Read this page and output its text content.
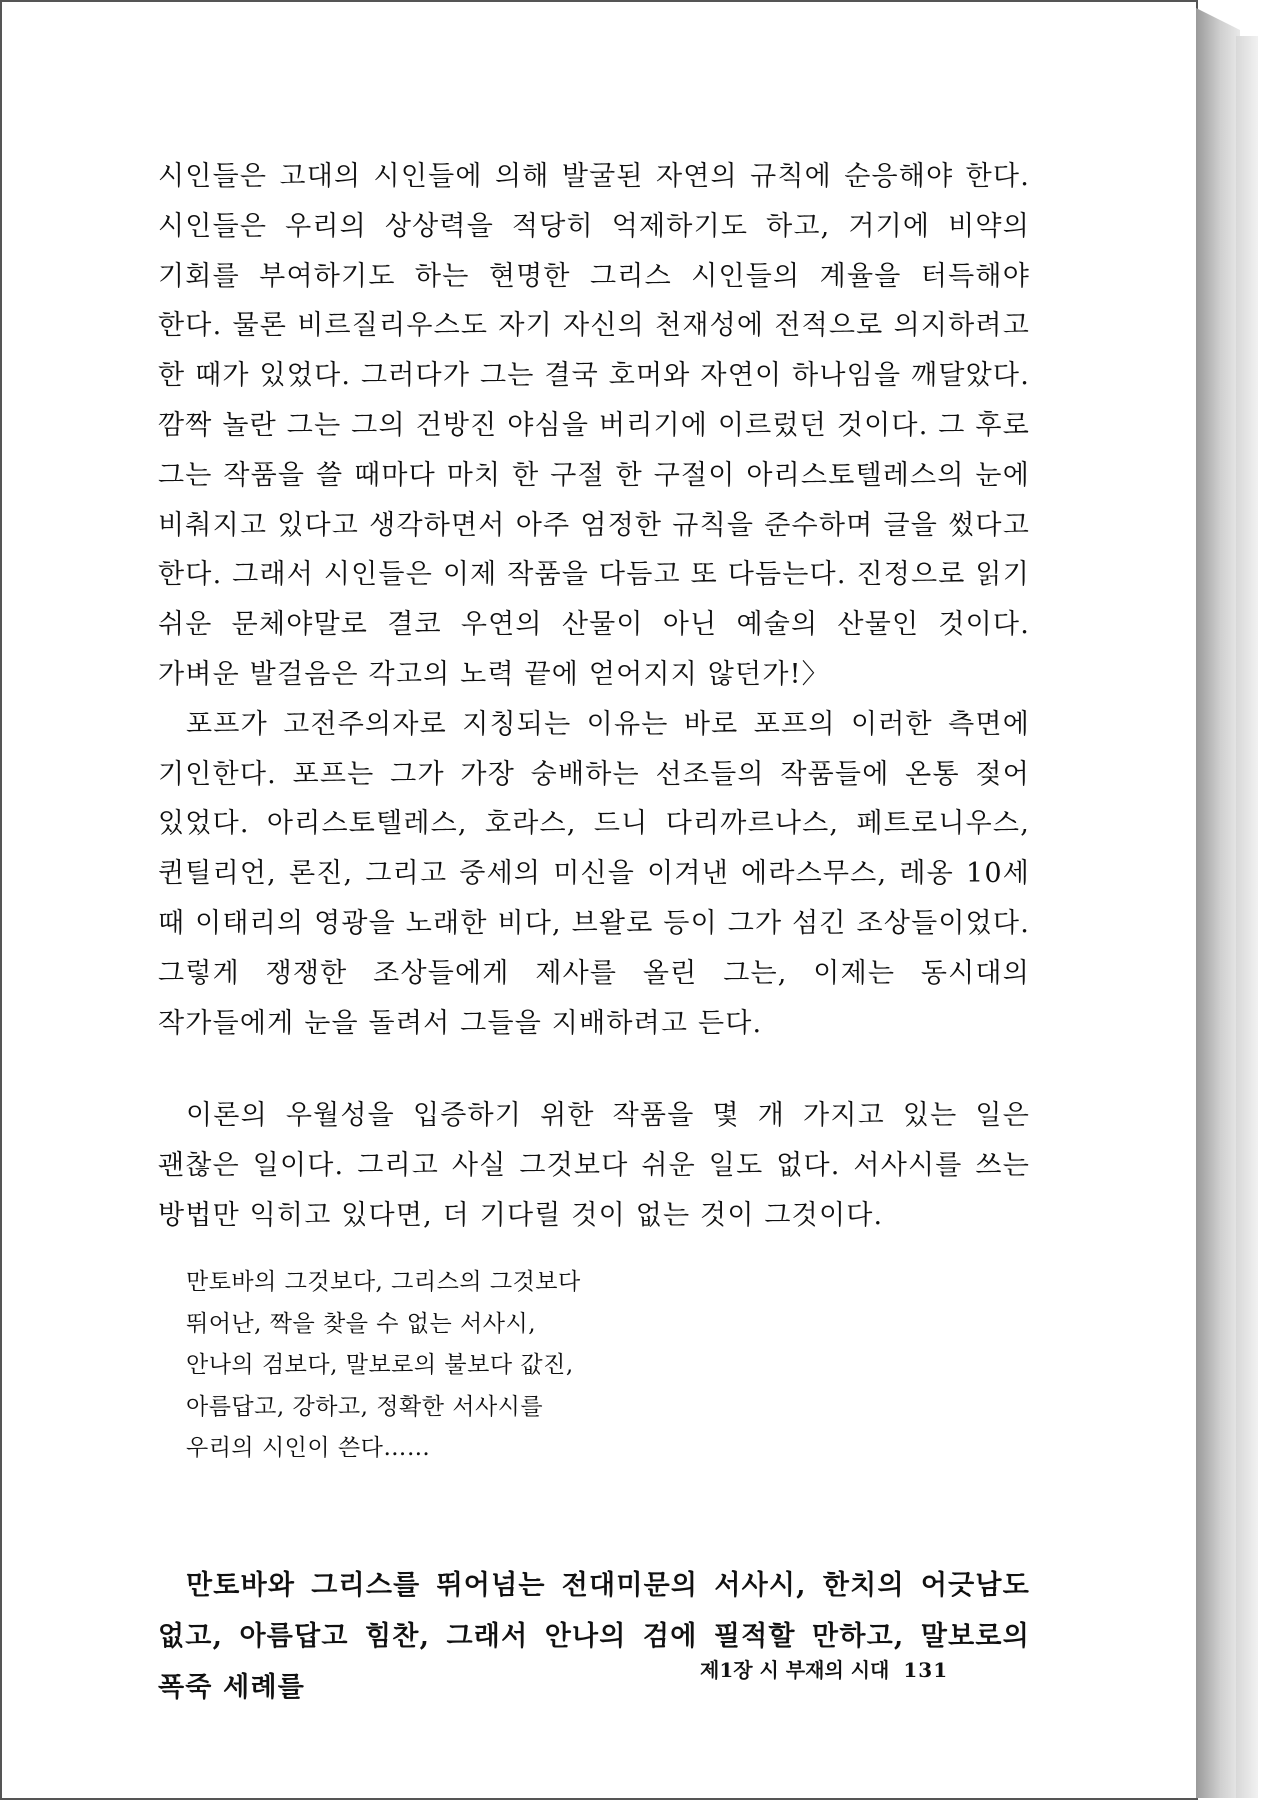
시인들은 고대의 시인들에 의해 발굴된 자연의 규칙에 순응해야 한다. 시인들은 우리의 상상력을 적당히 억제하기도 하고, 거기에 비약의 기회를 부여하기도 하는 현명한 그리스 시인들의 계율을 터득해야 한다. 물론 비르질리우스도 자기 자신의 천재성에 전적으로 의지하려고 한 때가 있었다. 그러다가 그는 결국 호머와 자연이 하나임을 깨달았다. 깜짝 놀란 그는 그의 건방진 야심을 버리기에 이르렀던 것이다. 그 후로 그는 작품을 쓸 때마다 마치 한 구절 한 구절이 아리스토텔레스의 눈에 비춰지고 있다고 생각하면서 아주 엄정한 규칙을 준수하며 글을 썼다고 한다. 그래서 시인들은 이제 작품을 다듬고 또 다듬는다. 진정으로 읽기 쉬운 문체야말로 결코 우연의 산물이 아닌 예술의 산물인 것이다. 가벼운 발걸음은 각고의 노력 끝에 얻어지지 않던가!〉

포프가 고전주의자로 지칭되는 이유는 바로 포프의 이러한 측면에 기인한다. 포프는 그가 가장 숭배하는 선조들의 작품들에 온통 젖어 있었다. 아리스토텔레스, 호라스, 드니 다리까르나스, 페트로니우스, 퀸틸리언, 론진, 그리고 중세의 미신을 이겨낸 에라스무스, 레옹 10세 때 이태리의 영광을 노래한 비다, 브왈로 등이 그가 섬긴 조상들이었다. 그렇게 쟁쟁한 조상들에게 제사를 올린 그는, 이제는 동시대의 작가들에게 눈을 돌려서 그들을 지배하려고 든다.

이론의 우월성을 입증하기 위한 작품을 몇 개 가지고 있는 일은 괜찮은 일이다. 그리고 사실 그것보다 쉬운 일도 없다. 서사시를 쓰는 방법만 익히고 있다면, 더 기다릴 것이 없는 것이 그것이다.

만토바의 그것보다, 그리스의 그것보다
뛰어난, 짝을 찾을 수 없는 서사시,
안나의 검보다, 말보로의 불보다 값진,
아름답고, 강하고, 정확한 서사시를
우리의 시인이 쓴다……

만토바와 그리스를 뛰어넘는 전대미문의 서사시, 한치의 어긋남도 없고, 아름답고 힘찬, 그래서 안나의 검에 필적할 만하고, 말보로의 폭죽 세례를

제1장 시 부재의 시대 131
